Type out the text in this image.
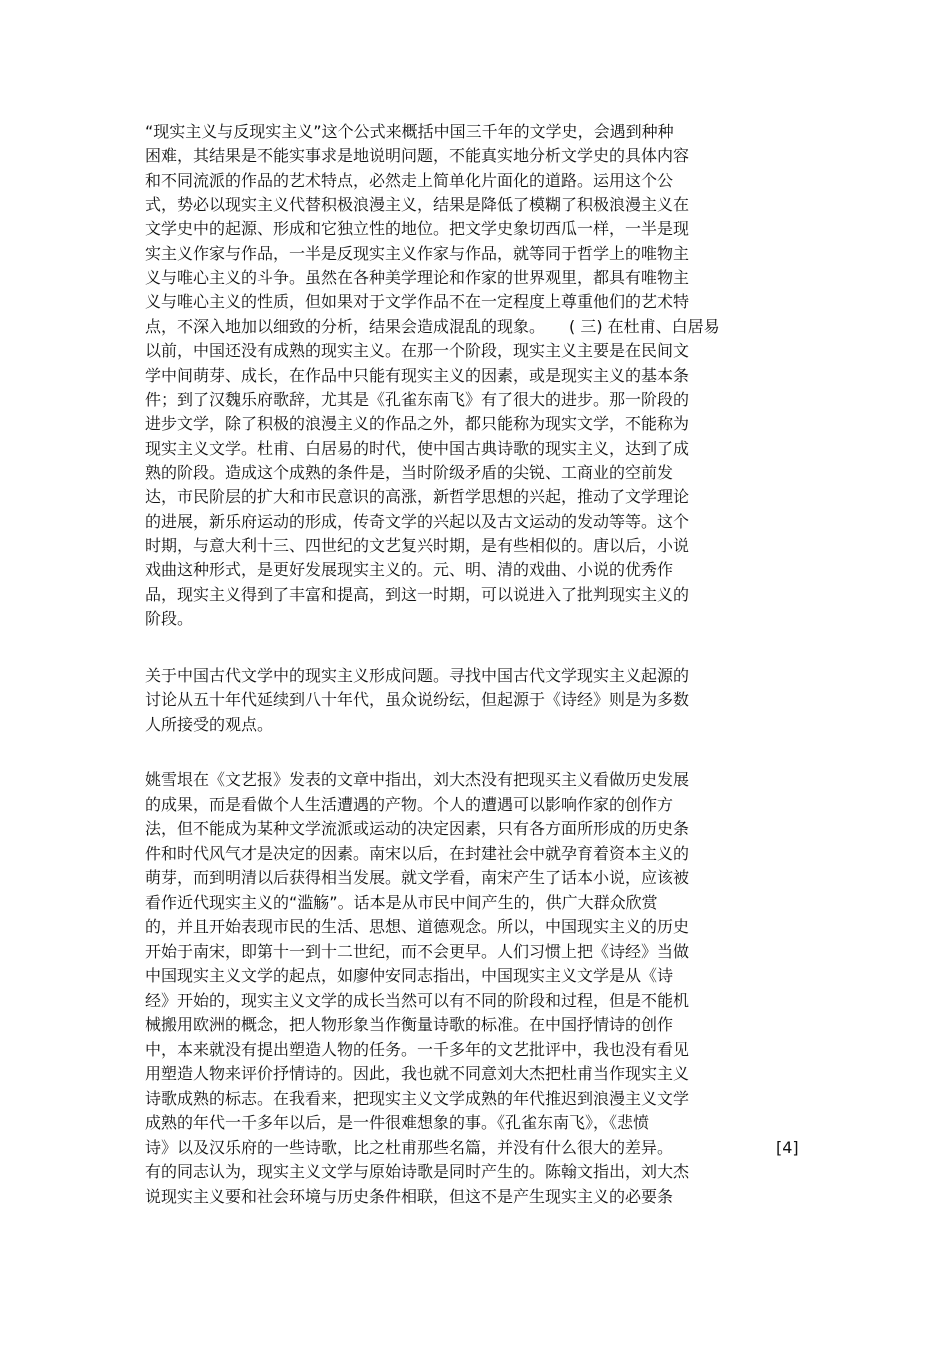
“现实主义与反现实主义”这个公式来概括中国三千年的文学史，会遇到种种
困难，其结果是不能实事求是地说明问题，不能真实地分析文学史的具体内容
和不同流派的作品的艺术特点，必然走上简单化片面化的道路。运用这个公
式，势必以现实主义代替积极浪漫主义，结果是降低了模糊了积极浪漫主义在
文学史中的起源、形成和它独立性的地位。把文学史象切西瓜一样，一半是现
实主义作家与作品，一半是反现实主义作家与作品，就等同于哲学上的唯物主
义与唯心主义的斗争。虽然在各种美学理论和作家的世界观里，都具有唯物主
义与唯心主义的性质，但如果对于文学作品不在一定程度上尊重他们的艺术特
点，不深入地加以细致的分析，结果会造成混乱的现象。　　( 三) 在杜甫、白居易
以前，中国还没有成熟的现实主义。在那一个阶段，现实主义主要是在民间文
学中间萌芽、成长，在作品中只能有现实主义的因素，或是现实主义的基本条
件；到了汉魏乐府歌辞，尤其是《孔雀东南飞》有了很大的进步。那一阶段的
进步文学，除了积极的浪漫主义的作品之外，都只能称为现实文学，不能称为
现实主义文学。杜甫、白居易的时代，使中国古典诗歌的现实主义，达到了成
熟的阶段。造成这个成熟的条件是，当时阶级矛盾的尖锐、工商业的空前发
达，市民阶层的扩大和市民意识的高涨，新哲学思想的兴起，推动了文学理论
的进展，新乐府运动的形成，传奇文学的兴起以及古文运动的发动等等。这个
时期，与意大利十三、四世纪的文艺复兴时期，是有些相似的。唐以后，小说
戏曲这种形式，是更好发展现实主义的。元、明、清的戏曲、小说的优秀作
品，现实主义得到了丰富和提高，到这一时期，可以说进入了批判现实主义的
阶段。
关于中国古代文学中的现实主义形成问题。寻找中国古代文学现实主义起源的
讨论从五十年代延续到八十年代，虽众说纷纭，但起源于《诗经》则是为多数
人所接受的观点。
姚雪垠在《文艺报》发表的文章中指出，刘大杰没有把现买主义看做历史发展
的成果，而是看做个人生活遭遇的产物。个人的遭遇可以影响作家的创作方
法，但不能成为某种文学流派或运动的决定因素，只有各方面所形成的历史条
件和时代风气才是决定的因素。南宋以后，在封建社会中就孕育着资本主义的
萌芽，而到明清以后获得相当发展。就文学看，南宋产生了话本小说，应该被
看作近代现实主义的“滥觞”。话本是从市民中间产生的，供广大群众欣赏
的，并且开始表现市民的生活、思想、道德观念。所以，中国现实主义的历史
开始于南宋，即第十一到十二世纪，而不会更早。人们习惯上把《诗经》当做
中国现实主义文学的起点，如廖仲安同志指出，中国现实主义文学是从《诗
经》开始的，现实主义文学的成长当然可以有不同的阶段和过程，但是不能机
械搬用欧洲的概念，把人物形象当作衡量诗歌的标准。在中国抒情诗的创作
中，本来就没有提出塑造人物的任务。一千多年的文艺批评中，我也没有看见
用塑造人物来评价抒情诗的。因此，我也就不同意刘大杰把杜甫当作现实主义
诗歌成熟的标志。在我看来，把现实主义文学成熟的年代推迟到浪漫主义文学
成熟的年代一千多年以后，是一件很难想象的事。《孔雀东南飞》，《悲愤
诗》以及汉乐府的一些诗歌，比之杜甫那些名篇，并没有什么很大的差异。
有的同志认为，现实主义文学与原始诗歌是同时产生的。陈翰文指出，刘大杰
说现实主义要和社会环境与历史条件相联，但这不是产生现实主义的必要条
[4]
